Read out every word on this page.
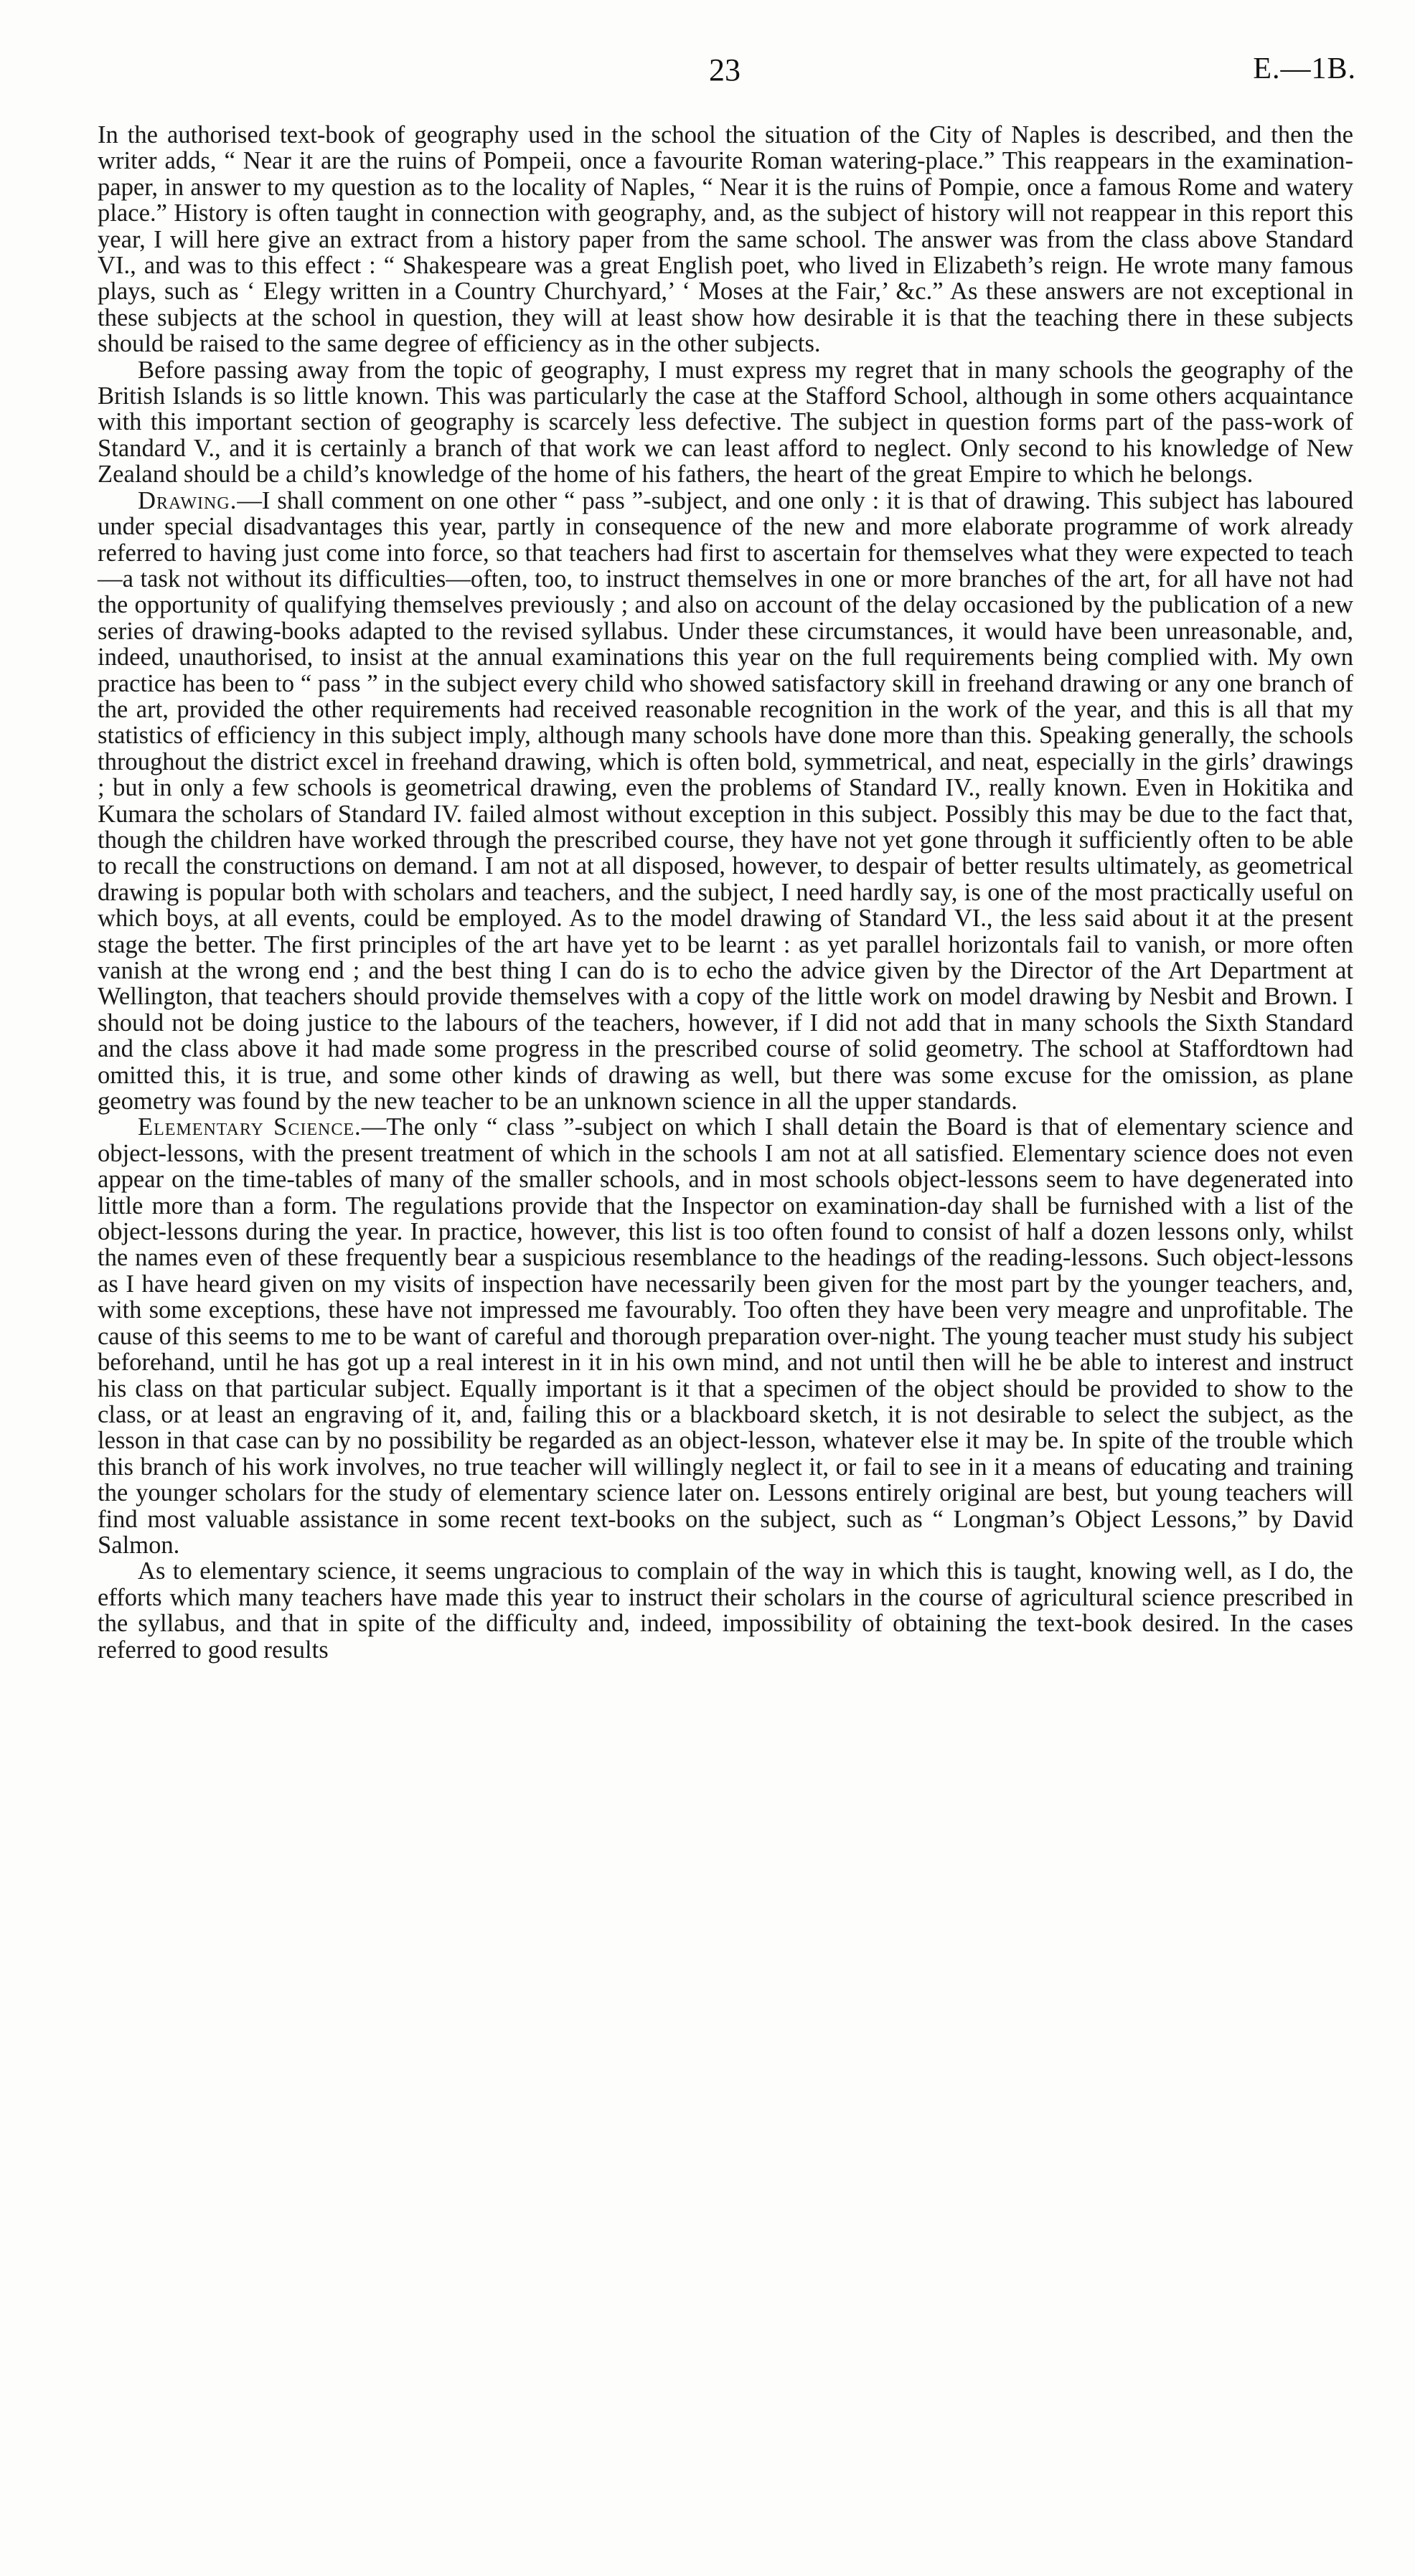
23	E.—1B.

In the authorised text-book of geography used in the school the situation of the City of Naples is described, and then the writer adds, “ Near it are the ruins of Pompeii, once a favourite Roman watering-place.” This reappears in the examination-paper, in answer to my question as to the locality of Naples, “ Near it is the ruins of Pompie, once a famous Rome and watery place.” History is often taught in connection with geography, and, as the subject of history will not reappear in this report this year, I will here give an extract from a history paper from the same school. The answer was from the class above Standard VI., and was to this effect : “ Shakespeare was a great English poet, who lived in Elizabeth’s reign. He wrote many famous plays, such as ‘ Elegy written in a Country Churchyard,’ ‘ Moses at the Fair,’ &c.” As these answers are not exceptional in these subjects at the school in question, they will at least show how desirable it is that the teaching there in these subjects should be raised to the same degree of efficiency as in the other subjects.

Before passing away from the topic of geography, I must express my regret that in many schools the geography of the British Islands is so little known. This was particularly the case at the Stafford School, although in some others acquaintance with this important section of geography is scarcely less defective. The subject in question forms part of the pass-work of Standard V., and it is certainly a branch of that work we can least afford to neglect. Only second to his knowledge of New Zealand should be a child’s knowledge of the home of his fathers, the heart of the great Empire to which he belongs.

Drawing.—I shall comment on one other “ pass ”-subject, and one only : it is that of drawing. This subject has laboured under special disadvantages this year, partly in consequence of the new and more elaborate programme of work already referred to having just come into force, so that teachers had first to ascertain for themselves what they were expected to teach—a task not without its difficulties—often, too, to instruct themselves in one or more branches of the art, for all have not had the opportunity of qualifying themselves previously ; and also on account of the delay occasioned by the publication of a new series of drawing-books adapted to the revised syllabus. Under these circumstances, it would have been unreasonable, and, indeed, unauthorised, to insist at the annual examinations this year on the full requirements being complied with. My own practice has been to “ pass ” in the subject every child who showed satisfactory skill in freehand drawing or any one branch of the art, provided the other requirements had received reasonable recognition in the work of the year, and this is all that my statistics of efficiency in this subject imply, although many schools have done more than this. Speaking generally, the schools throughout the district excel in freehand drawing, which is often bold, symmetrical, and neat, especially in the girls’ drawings ; but in only a few schools is geometrical drawing, even the problems of Standard IV., really known. Even in Hokitika and Kumara the scholars of Standard IV. failed almost without exception in this subject. Possibly this may be due to the fact that, though the children have worked through the prescribed course, they have not yet gone through it sufficiently often to be able to recall the constructions on demand. I am not at all disposed, however, to despair of better results ultimately, as geometrical drawing is popular both with scholars and teachers, and the subject, I need hardly say, is one of the most practically useful on which boys, at all events, could be employed. As to the model drawing of Standard VI., the less said about it at the present stage the better. The first principles of the art have yet to be learnt : as yet parallel horizontals fail to vanish, or more often vanish at the wrong end ; and the best thing I can do is to echo the advice given by the Director of the Art Department at Wellington, that teachers should provide themselves with a copy of the little work on model drawing by Nesbit and Brown. I should not be doing justice to the labours of the teachers, however, if I did not add that in many schools the Sixth Standard and the class above it had made some progress in the prescribed course of solid geometry. The school at Staffordtown had omitted this, it is true, and some other kinds of drawing as well, but there was some excuse for the omission, as plane geometry was found by the new teacher to be an unknown science in all the upper standards.

Elementary Science.—The only “ class ”-subject on which I shall detain the Board is that of elementary science and object-lessons, with the present treatment of which in the schools I am not at all satisfied. Elementary science does not even appear on the time-tables of many of the smaller schools, and in most schools object-lessons seem to have degenerated into little more than a form. The regulations provide that the Inspector on examination-day shall be furnished with a list of the object-lessons during the year. In practice, however, this list is too often found to consist of half a dozen lessons only, whilst the names even of these frequently bear a suspicious resemblance to the headings of the reading-lessons. Such object-lessons as I have heard given on my visits of inspection have necessarily been given for the most part by the younger teachers, and, with some exceptions, these have not impressed me favourably. Too often they have been very meagre and unprofitable. The cause of this seems to me to be want of careful and thorough preparation over-night. The young teacher must study his subject beforehand, until he has got up a real interest in it in his own mind, and not until then will he be able to interest and instruct his class on that particular subject. Equally important is it that a specimen of the object should be provided to show to the class, or at least an engraving of it, and, failing this or a blackboard sketch, it is not desirable to select the subject, as the lesson in that case can by no possibility be regarded as an object-lesson, whatever else it may be. In spite of the trouble which this branch of his work involves, no true teacher will willingly neglect it, or fail to see in it a means of educating and training the younger scholars for the study of elementary science later on. Lessons entirely original are best, but young teachers will find most valuable assistance in some recent text-books on the subject, such as “ Longman’s Object Lessons,” by David Salmon.

As to elementary science, it seems ungracious to complain of the way in which this is taught, knowing well, as I do, the efforts which many teachers have made this year to instruct their scholars in the course of agricultural science prescribed in the syllabus, and that in spite of the difficulty and, indeed, impossibility of obtaining the text-book desired. In the cases referred to good results
